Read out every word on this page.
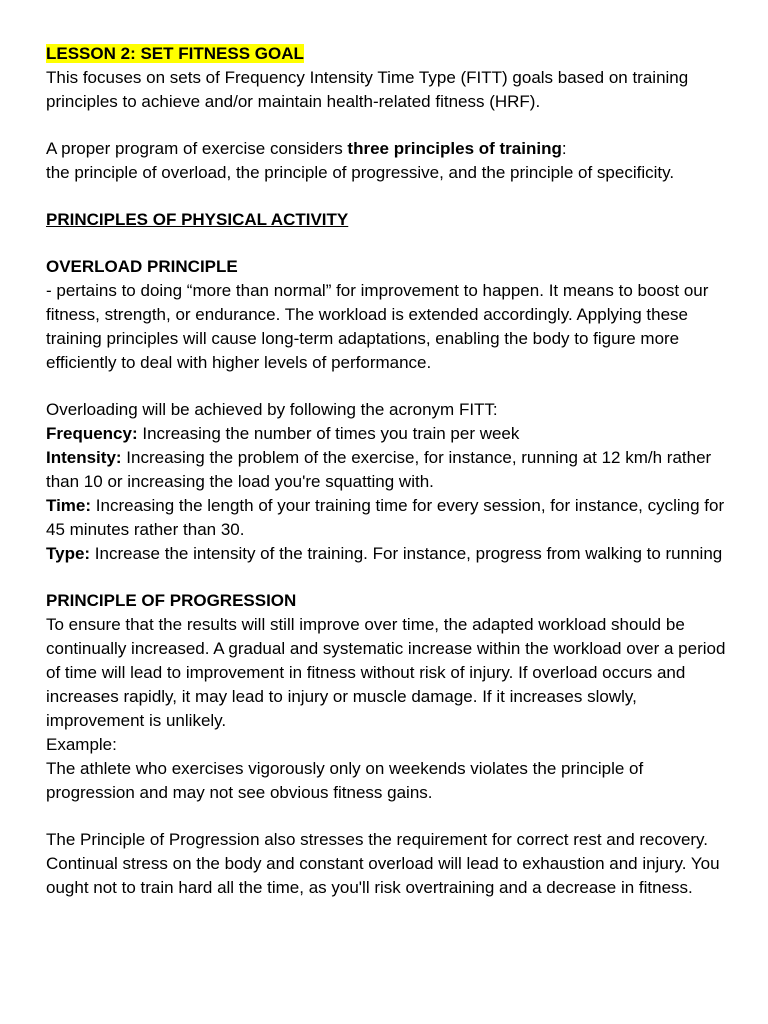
LESSON 2: SET FITNESS GOAL

This focuses on sets of Frequency Intensity Time Type (FITT) goals based on training principles to achieve and/or maintain health-related fitness (HRF).

A proper program of exercise considers three principles of training:

the principle of overload, the principle of progressive, and the principle of specificity.

PRINCIPLES OF PHYSICAL ACTIVITY

OVERLOAD PRINCIPLE

- pertains to doing “more than normal” for improvement to happen. It means to boost our fitness, strength, or endurance. The workload is extended accordingly. Applying these training principles will cause long-term adaptations, enabling the body to figure more efficiently to deal with higher levels of performance.

Overloading will be achieved by following the acronym FITT:

Frequency: Increasing the number of times you train per week

Intensity: Increasing the problem of the exercise, for instance, running at 12 km/h rather than 10 or increasing the load you're squatting with.

Time: Increasing the length of your training time for every session, for instance, cycling for 45 minutes rather than 30.

Type: Increase the intensity of the training. For instance, progress from walking to running

PRINCIPLE OF PROGRESSION

To ensure that the results will still improve over time, the adapted workload should be continually increased. A gradual and systematic increase within the workload over a period of time will lead to improvement in fitness without risk of injury. If overload occurs and increases rapidly, it may lead to injury or muscle damage. If it increases slowly, improvement is unlikely.

Example:

The athlete who exercises vigorously only on weekends violates the principle of progression and may not see obvious fitness gains.

The Principle of Progression also stresses the requirement for correct rest and recovery. Continual stress on the body and constant overload will lead to exhaustion and injury. You ought not to train hard all the time, as you'll risk overtraining and a decrease in fitness.
